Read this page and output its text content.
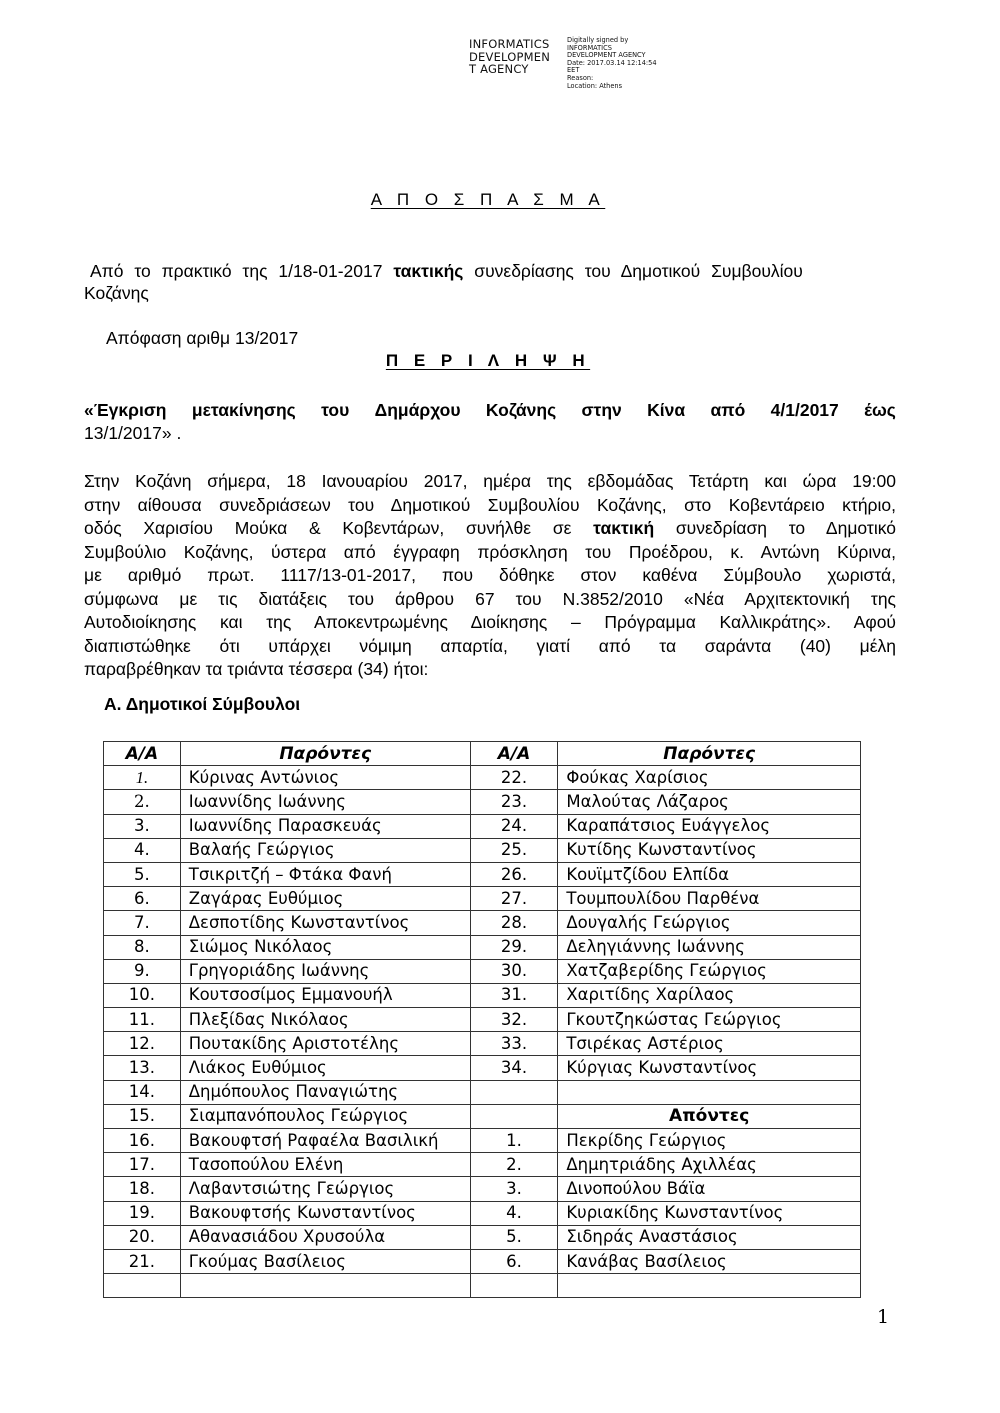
INFORMATICS
DEVELOPMEN
T AGENCY
Digitally signed by
INFORMATICS
DEVELOPMENT AGENCY
Date: 2017.03.14 12:14:54
EET
Reason:
Location: Athens
Α Π Ο Σ Π Α Σ Μ Α
Από το πρακτικό της 1/18-01-2017 τακτικής συνεδρίασης του Δημοτικού Συμβουλίου
Κοζάνης
Απόφαση αριθμ 13/2017
Π Ε Ρ Ι Λ Η Ψ Η
«Έγκριση μετακίνησης του Δημάρχου Κοζάνης στην Κίνα από 4/1/2017 έως
13/1/2017» .
Στην Κοζάνη σήμερα, 18 Ιανουαρίου 2017, ημέρα της εβδομάδας Τετάρτη και ώρα 19:00
στην αίθουσα συνεδριάσεων του Δημοτικού Συμβουλίου Κοζάνης, στο Κοβεντάρειο κτήριο,
οδός Χαρισίου Μούκα & Κοβεντάρων, συνήλθε σε τακτική συνεδρίαση το Δημοτικό
Συμβούλιο Κοζάνης, ύστερα από έγγραφη πρόσκληση του Προέδρου, κ. Αντώνη Κύρινα,
με αριθμό πρωτ. 1117/13-01-2017, που δόθηκε στον καθένα Σύμβουλο χωριστά,
σύμφωνα με τις διατάξεις του άρθρου 67 του Ν.3852/2010 «Νέα Αρχιτεκτονική της
Αυτοδιοίκησης και της Αποκεντρωμένης Διοίκησης – Πρόγραμμα Καλλικράτης». Αφού
διαπιστώθηκε ότι υπάρχει νόμιμη απαρτία, γιατί από τα σαράντα (40) μέλη
παραβρέθηκαν τα τριάντα τέσσερα (34) ήτοι:
Α. Δημοτικοί Σύμβουλοι
Α/Α	Παρόντες	Α/Α	Παρόντες
1.	Κύρινας Αντώνιος	22.	Φούκας Χαρίσιος
2.	Ιωαννίδης Ιωάννης	23.	Μαλούτας Λάζαρος
3.	Ιωαννίδης Παρασκευάς	24.	Καραπάτσιος Ευάγγελος
4.	Βαλαής Γεώργιος	25.	Κυτίδης Κωνσταντίνος
5.	Τσικριτζή – Φτάκα Φανή	26.	Κουϊμτζίδου Ελπίδα
6.	Ζαγάρας Ευθύμιος	27.	Τουμπουλίδου Παρθένα
7.	Δεσποτίδης Κωνσταντίνος	28.	Δουγαλής Γεώργιος
8.	Σιώμος Νικόλαος	29.	Δεληγιάννης Ιωάννης
9.	Γρηγοριάδης Ιωάννης	30.	Χατζαβερίδης Γεώργιος
10.	Κουτσοσίμος Εμμανουήλ	31.	Χαριτίδης Χαρίλαος
11.	Πλεξίδας Νικόλαος	32.	Γκουτζηκώστας Γεώργιος
12.	Πουτακίδης Αριστοτέλης	33.	Τσιρέκας Αστέριος
13.	Λιάκος Ευθύμιος	34.	Κύργιας Κωνσταντίνος
14.	Δημόπουλος Παναγιώτης		
15.	Σιαμπανόπουλος Γεώργιος		Απόντες
16.	Βακουφτσή Ραφαέλα Βασιλική	1.	Πεκρίδης Γεώργιος
17.	Τασοπούλου Ελένη	2.	Δημητριάδης Αχιλλέας
18.	Λαβαντσιώτης Γεώργιος	3.	Δινοπούλου Βάϊα
19.	Βακουφτσής Κωνσταντίνος	4.	Κυριακίδης Κωνσταντίνος
20.	Αθανασιάδου Χρυσούλα	5.	Σιδηράς Αναστάσιος
21.	Γκούμας Βασίλειος	6.	Κανάβας Βασίλειος

1
